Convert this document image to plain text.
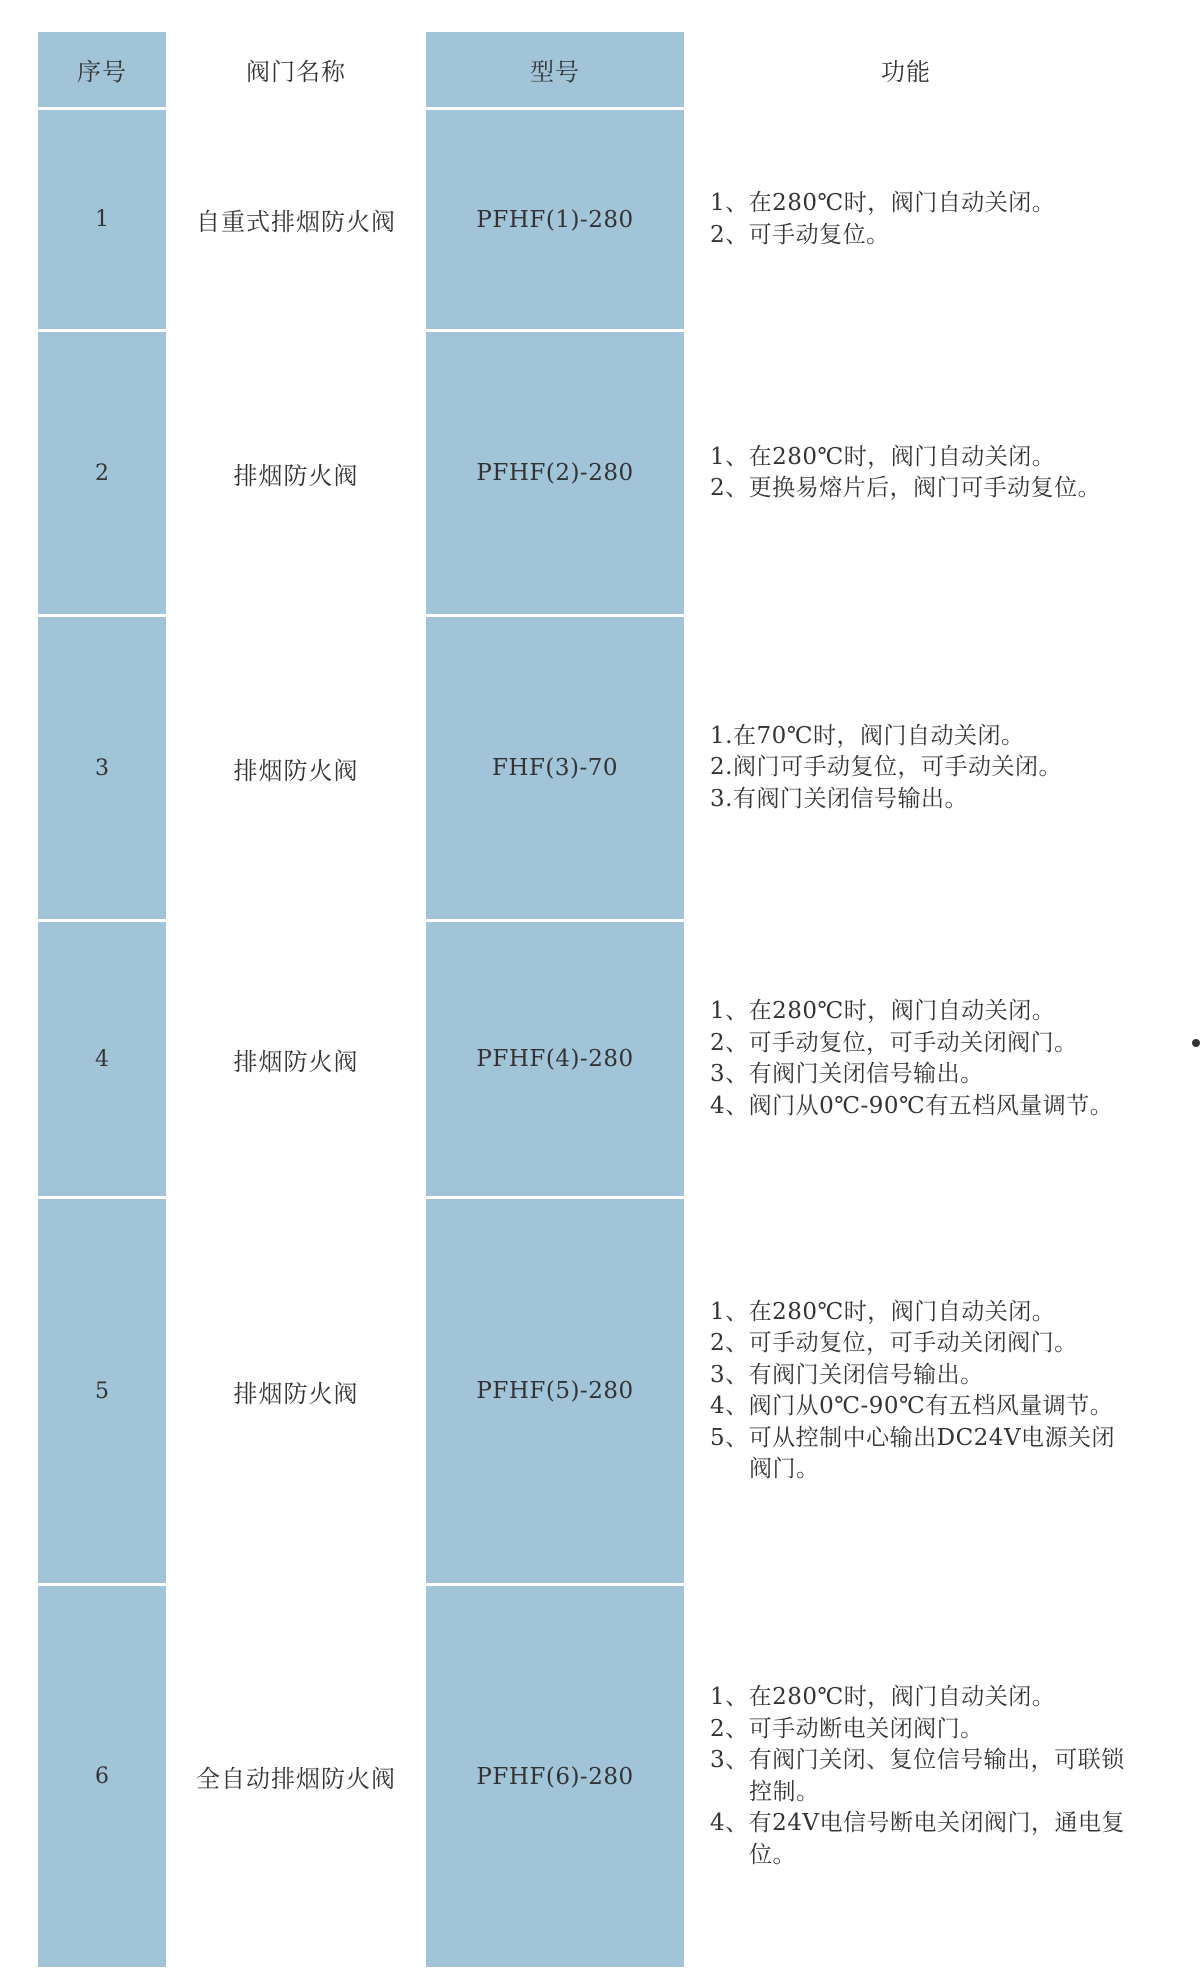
序号	阀门名称	型号	功能
1	自重式排烟防火阀	PFHF(1)-280
1、在280℃时，阀门自动关闭。
2、可手动复位。
2	排烟防火阀	PFHF(2)-280
1、在280℃时，阀门自动关闭。
2、更换易熔片后，阀门可手动复位。
3	排烟防火阀	FHF(3)-70
1.在70℃时，阀门自动关闭。
2.阀门可手动复位，可手动关闭。
3.有阀门关闭信号输出。
4	排烟防火阀	PFHF(4)-280
1、在280℃时，阀门自动关闭。
2、可手动复位，可手动关闭阀门。
3、有阀门关闭信号输出。
4、阀门从0℃-90℃有五档风量调节。
5	排烟防火阀	PFHF(5)-280
1、在280℃时，阀门自动关闭。
2、可手动复位，可手动关闭阀门。
3、有阀门关闭信号输出。
4、阀门从0℃-90℃有五档风量调节。
5、可从控制中心输出DC24V电源关闭阀门。
6	全自动排烟防火阀	PFHF(6)-280
1、在280℃时，阀门自动关闭。
2、可手动断电关闭阀门。
3、有阀门关闭、复位信号输出，可联锁控制。
4、有24V电信号断电关闭阀门，通电复位。
